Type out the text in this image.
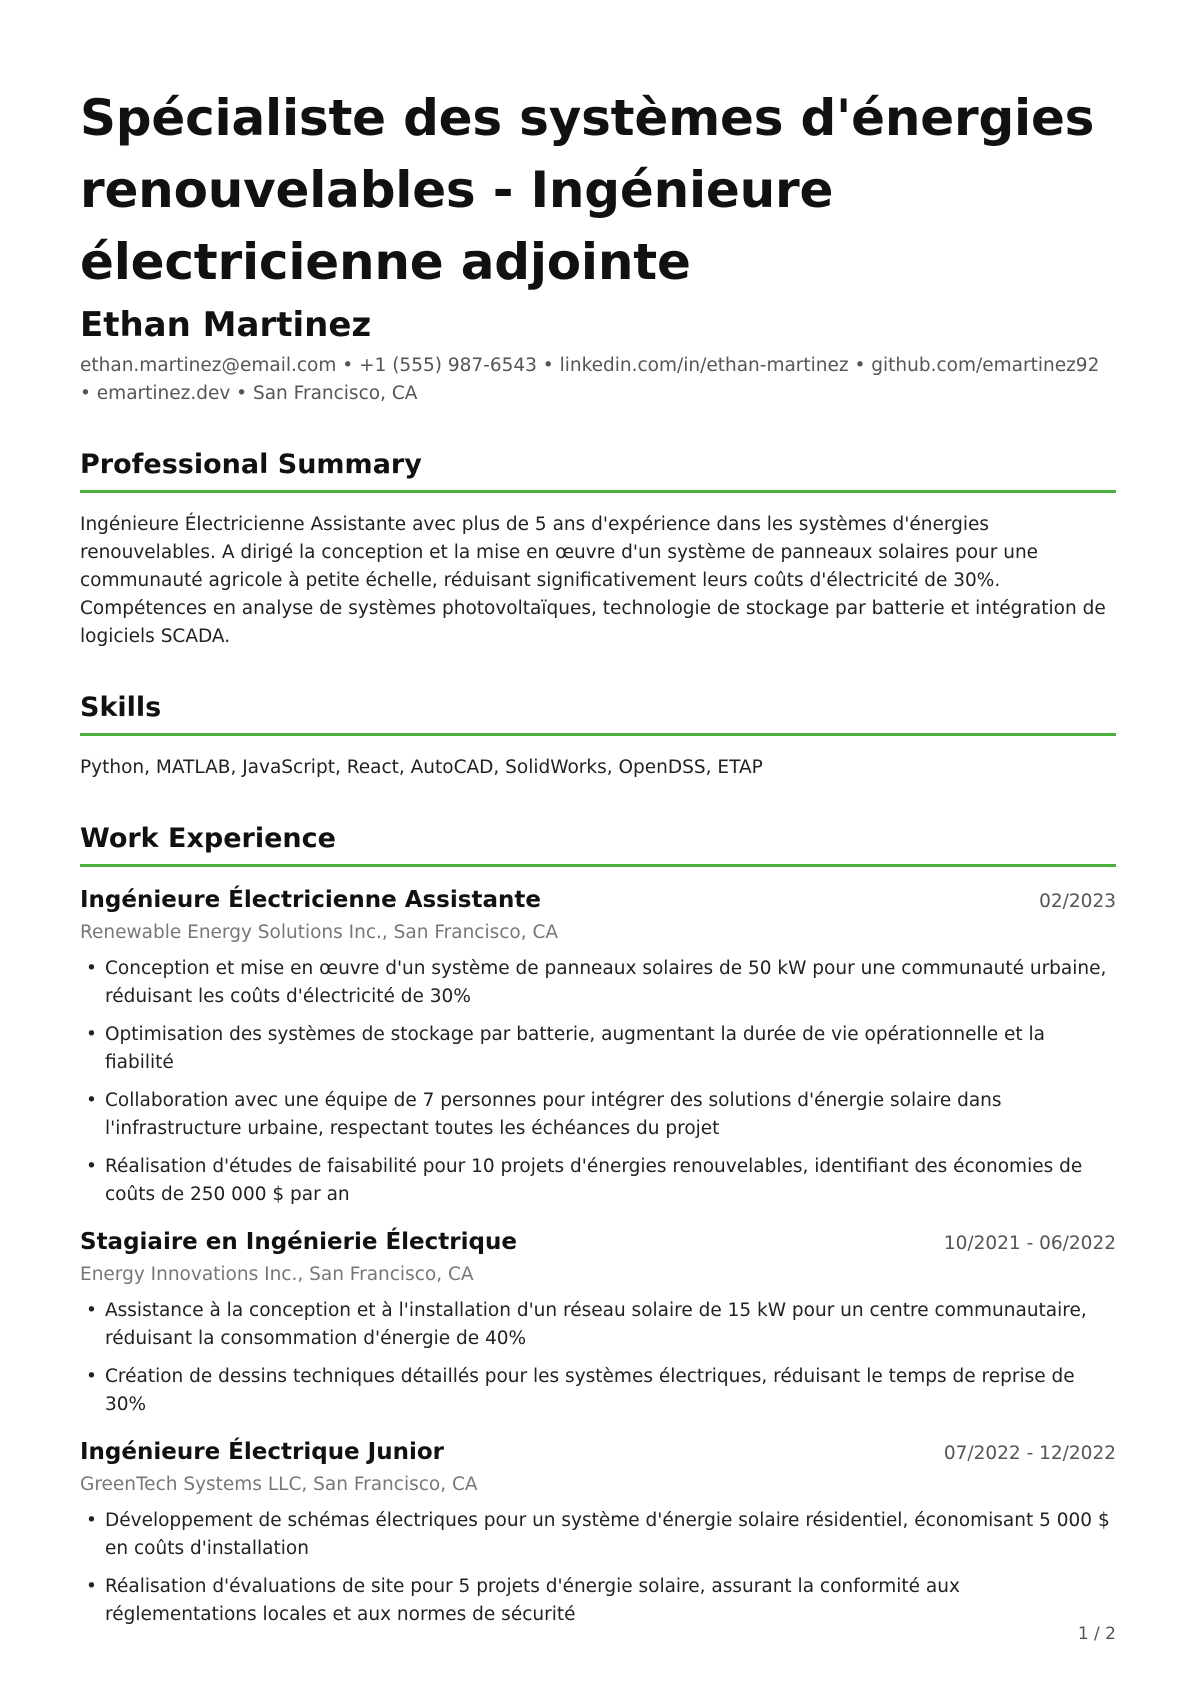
Spécialiste des systèmes d'énergies renouvelables - Ingénieure électricienne adjointe
Ethan Martinez
ethan.martinez@email.com • +1 (555) 987-6543 • linkedin.com/in/ethan-martinez • github.com/emartinez92 • emartinez.dev • San Francisco, CA
Professional Summary

Ingénieure Électricienne Assistante avec plus de 5 ans d'expérience dans les systèmes d'énergies renouvelables. A dirigé la conception et la mise en œuvre d'un système de panneaux solaires pour une communauté agricole à petite échelle, réduisant significativement leurs coûts d'électricité de 30%. Compétences en analyse de systèmes photovoltaïques, technologie de stockage par batterie et intégration de logiciels SCADA.

Skills

Python, MATLAB, JavaScript, React, AutoCAD, SolidWorks, OpenDSS, ETAP

Work Experience
Ingénieure Électricienne Assistante	02/2023
Renewable Energy Solutions Inc., San Francisco, CA
• Conception et mise en œuvre d'un système de panneaux solaires de 50 kW pour une communauté urbaine, réduisant les coûts d'électricité de 30%
• Optimisation des systèmes de stockage par batterie, augmentant la durée de vie opérationnelle et la fiabilité
• Collaboration avec une équipe de 7 personnes pour intégrer des solutions d'énergie solaire dans l'infrastructure urbaine, respectant toutes les échéances du projet
• Réalisation d'études de faisabilité pour 10 projets d'énergies renouvelables, identifiant des économies de coûts de 250 000 $ par an
Stagiaire en Ingénierie Électrique	10/2021 - 06/2022
Energy Innovations Inc., San Francisco, CA
• Assistance à la conception et à l'installation d'un réseau solaire de 15 kW pour un centre communautaire, réduisant la consommation d'énergie de 40%
• Création de dessins techniques détaillés pour les systèmes électriques, réduisant le temps de reprise de 30%
Ingénieure Électrique Junior	07/2022 - 12/2022
GreenTech Systems LLC, San Francisco, CA
• Développement de schémas électriques pour un système d'énergie solaire résidentiel, économisant 5 000 $ en coûts d'installation
• Réalisation d'évaluations de site pour 5 projets d'énergie solaire, assurant la conformité aux réglementations locales et aux normes de sécurité
1 / 2
